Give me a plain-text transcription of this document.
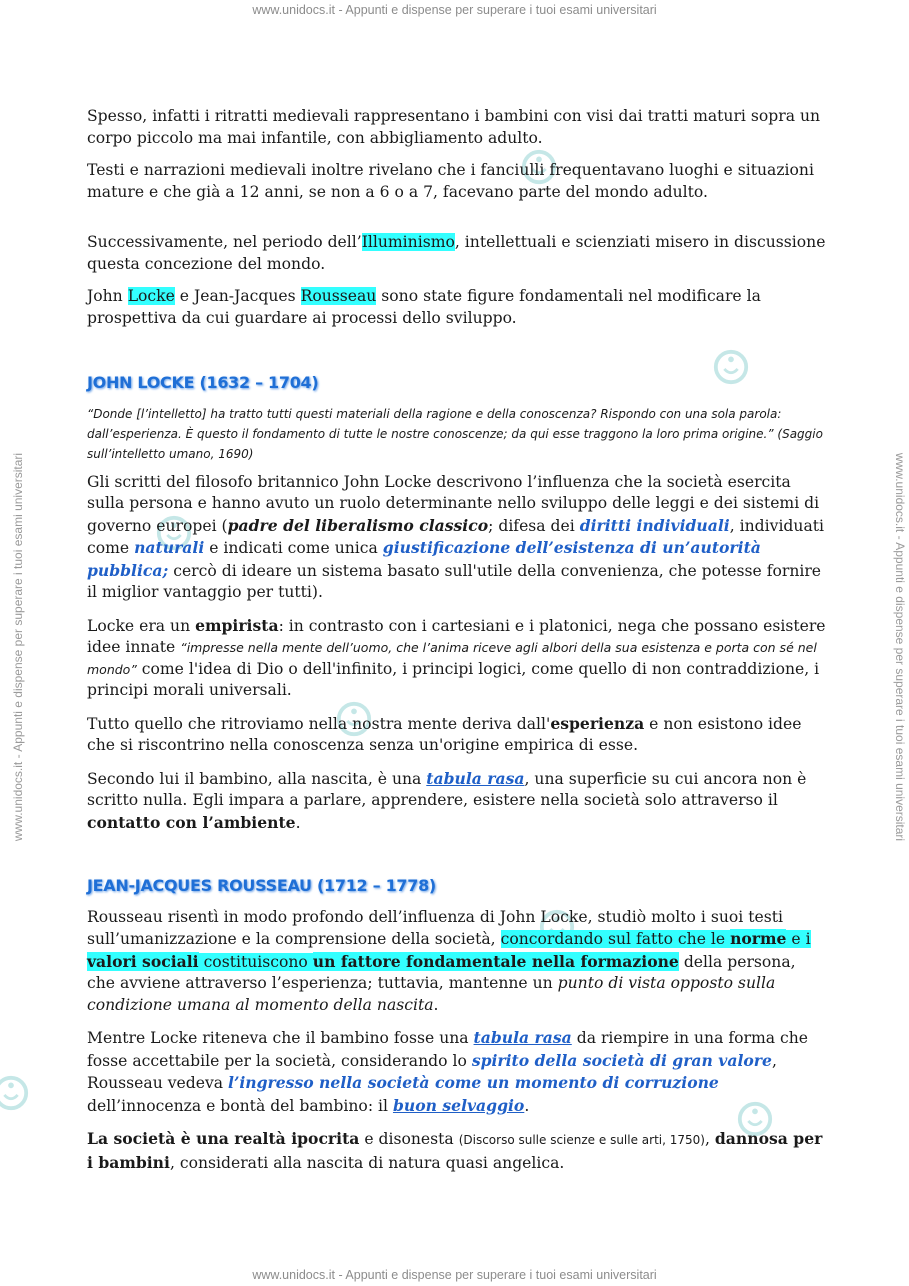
www.unidocs.it - Appunti e dispense per superare i tuoi esami universitari
www.unidocs.it - Appunti e dispense per superare i tuoi esami universitari
www.unidocs.it - Appunti e dispense per superare i tuoi esami universitari	www.unidocs.it - Appunti e dispense per superare i tuoi esami universitari

Spesso, infatti i ritratti medievali rappresentano i bambini con visi dai tratti maturi sopra un corpo piccolo ma mai infantile, con abbigliamento adulto.

Testi e narrazioni medievali inoltre rivelano che i fanciulli frequentavano luoghi e situazioni mature e che già a 12 anni, se non a 6 o a 7, facevano parte del mondo adulto.

Successivamente, nel periodo dell’Illuminismo, intellettuali e scienziati misero in discussione questa concezione del mondo.

John Locke e Jean-Jacques Rousseau sono state figure fondamentali nel modificare la prospettiva da cui guardare ai processi dello sviluppo.

JOHN LOCKE (1632 – 1704)

“Donde [l’intelletto] ha tratto tutti questi materiali della ragione e della conoscenza? Rispondo con una sola parola: dall’esperienza. È questo il fondamento di tutte le nostre conoscenze; da qui esse traggono la loro prima origine.” (Saggio sull’intelletto umano, 1690)

Gli scritti del filosofo britannico John Locke descrivono l’influenza che la società esercita sulla persona e hanno avuto un ruolo determinante nello sviluppo delle leggi e dei sistemi di governo europei (padre del liberalismo classico; difesa dei diritti individuali, individuati come naturali e indicati come unica giustificazione dell’esistenza di un’autorità pubblica; cercò di ideare un sistema basato sull'utile della convenienza, che potesse fornire il miglior vantaggio per tutti).

Locke era un empirista: in contrasto con i cartesiani e i platonici, nega che possano esistere idee innate “impresse nella mente dell’uomo, che l’anima riceve agli albori della sua esistenza e porta con sé nel mondo” come l'idea di Dio o dell'infinito, i principi logici, come quello di non contraddizione, i principi morali universali.

Tutto quello che ritroviamo nella nostra mente deriva dall'esperienza e non esistono idee che si riscontrino nella conoscenza senza un'origine empirica di esse.

Secondo lui il bambino, alla nascita, è una tabula rasa, una superficie su cui ancora non è scritto nulla. Egli impara a parlare, apprendere, esistere nella società solo attraverso il contatto con l’ambiente.

JEAN-JACQUES ROUSSEAU (1712 – 1778)

Rousseau risentì in modo profondo dell’influenza di John Locke, studiò molto i suoi testi sull’umanizzazione e la comprensione della società, concordando sul fatto che le norme e i valori sociali costituiscono un fattore fondamentale nella formazione della persona, che avviene attraverso l’esperienza; tuttavia, mantenne un punto di vista opposto sulla condizione umana al momento della nascita.

Mentre Locke riteneva che il bambino fosse una tabula rasa da riempire in una forma che fosse accettabile per la società, considerando lo spirito della società di gran valore, Rousseau vedeva l’ingresso nella società come un momento di corruzione dell’innocenza e bontà del bambino: il buon selvaggio.

La società è una realtà ipocrita e disonesta (Discorso sulle scienze e sulle arti, 1750), dannosa per i bambini, considerati alla nascita di natura quasi angelica.
